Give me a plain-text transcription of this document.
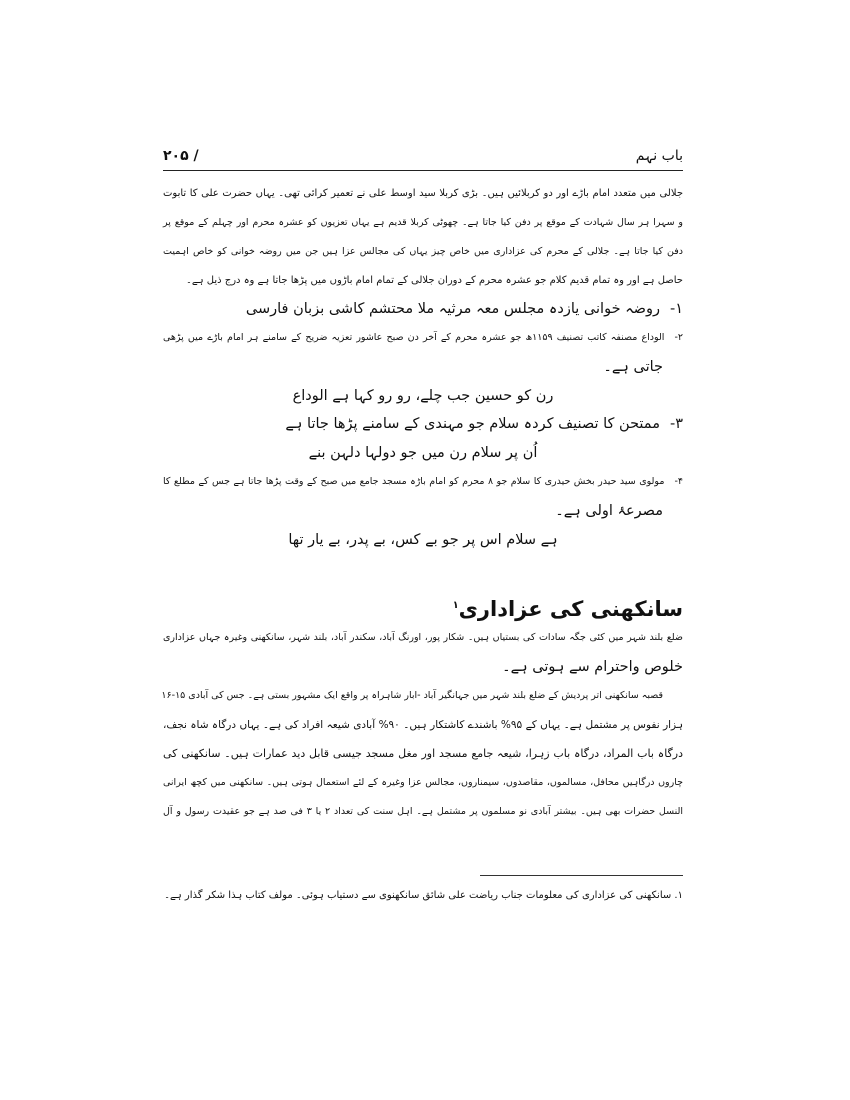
۲۰۵ /	باب نہم
جلالی میں متعدد امام باڑے اور دو کربلائیں ہیں۔ بڑی کربلا سید اوسط علی نے تعمیر کرائی تھی۔ یہاں حضرت علی کا تابوت
و سہرا ہر سال شہادت کے موقع پر دفن کیا جاتا ہے۔ چھوٹی کربلا قدیم ہے یہاں تعزیوں کو عشرہ محرم اور چہلم کے موقع پر
دفن کیا جاتا ہے۔ جلالی کے محرم کی عزاداری میں خاص چیز یہاں کی مجالس عزا ہیں جن میں روضہ خوانی کو خاص اہمیت
حاصل ہے اور وہ تمام قدیم کلام جو عشرہ محرم کے دوران جلالی کے تمام امام باڑوں میں پڑھا جاتا ہے وہ درج ذیل ہے۔
۱-روضہ خوانی یازدہ مجلس معہ مرثیہ ملا محتشم کاشی بزبان فارسی
۲-الوداع مصنفہ کاتب تصنیف ۱۱۵۹ھ جو عشرہ محرم کے آخر دن صبح عاشور تعزیہ ضریح کے سامنے ہر امام باڑے میں پڑھی
جاتی ہے۔
رن کو حسین جب چلے، رو رو کہا ہے الوداع
۳-ممتحن کا تصنیف کردہ سلام جو مہندی کے سامنے پڑھا جاتا ہے
اُن پر سلام رن میں جو دولہا دلہن بنے
۴-مولوی سید حیدر بخش حیدری کا سلام جو ۸ محرم کو امام باڑہ مسجد جامع میں صبح کے وقت پڑھا جاتا ہے جس کے مطلع کا
مصرعۂ اولی ہے۔
ہے سلام اس پر جو بے کس، بے پدر، بے یار تھا
سانکھنی کی عزاداری$^۱$
ضلع بلند شہر میں کئی جگہ سادات کی بستیاں ہیں۔ شکار پور، اورنگ آباد، سکندر آباد، بلند شہر، سانکھنی وغیرہ جہاں عزاداری
خلوص واحترام سے ہوتی ہے۔
قصبہ سانکھنی اتر پردیش کے ضلع بلند شہر میں جہانگیر آباد -ابار شاہراہ پر واقع ایک مشہور بستی ہے۔ جس کی آبادی ۱۵-۱۶
ہزار نفوس پر مشتمل ہے۔ یہاں کے ۹۵% باشندے کاشتکار ہیں۔ ۹۰% آبادی شیعہ افراد کی ہے۔ یہاں درگاہ شاہ نجف،
درگاہ باب المراد، درگاہ باب زہرا، شیعہ جامع مسجد اور مغل مسجد جیسی قابل دید عمارات ہیں۔ سانکھنی کی
چاروں درگاہیں محافل، مسالموں، مقاصدوں، سیمناروں، مجالس عزا وغیرہ کے لئے استعمال ہوتی ہیں۔ سانکھنی میں کچھ ایرانی
النسل حضرات بھی ہیں۔ بیشتر آبادی نو مسلموں پر مشتمل ہے۔ اہل سنت کی تعداد ۲ یا ۳ فی صد ہے جو عقیدت رسول و آل
۱. سانکھنی کی عزاداری کی معلومات جناب ریاضت علی شائق سانکھنوی سے دستیاب ہوئی۔ مولف کتاب ہذا شکر گذار ہے۔
